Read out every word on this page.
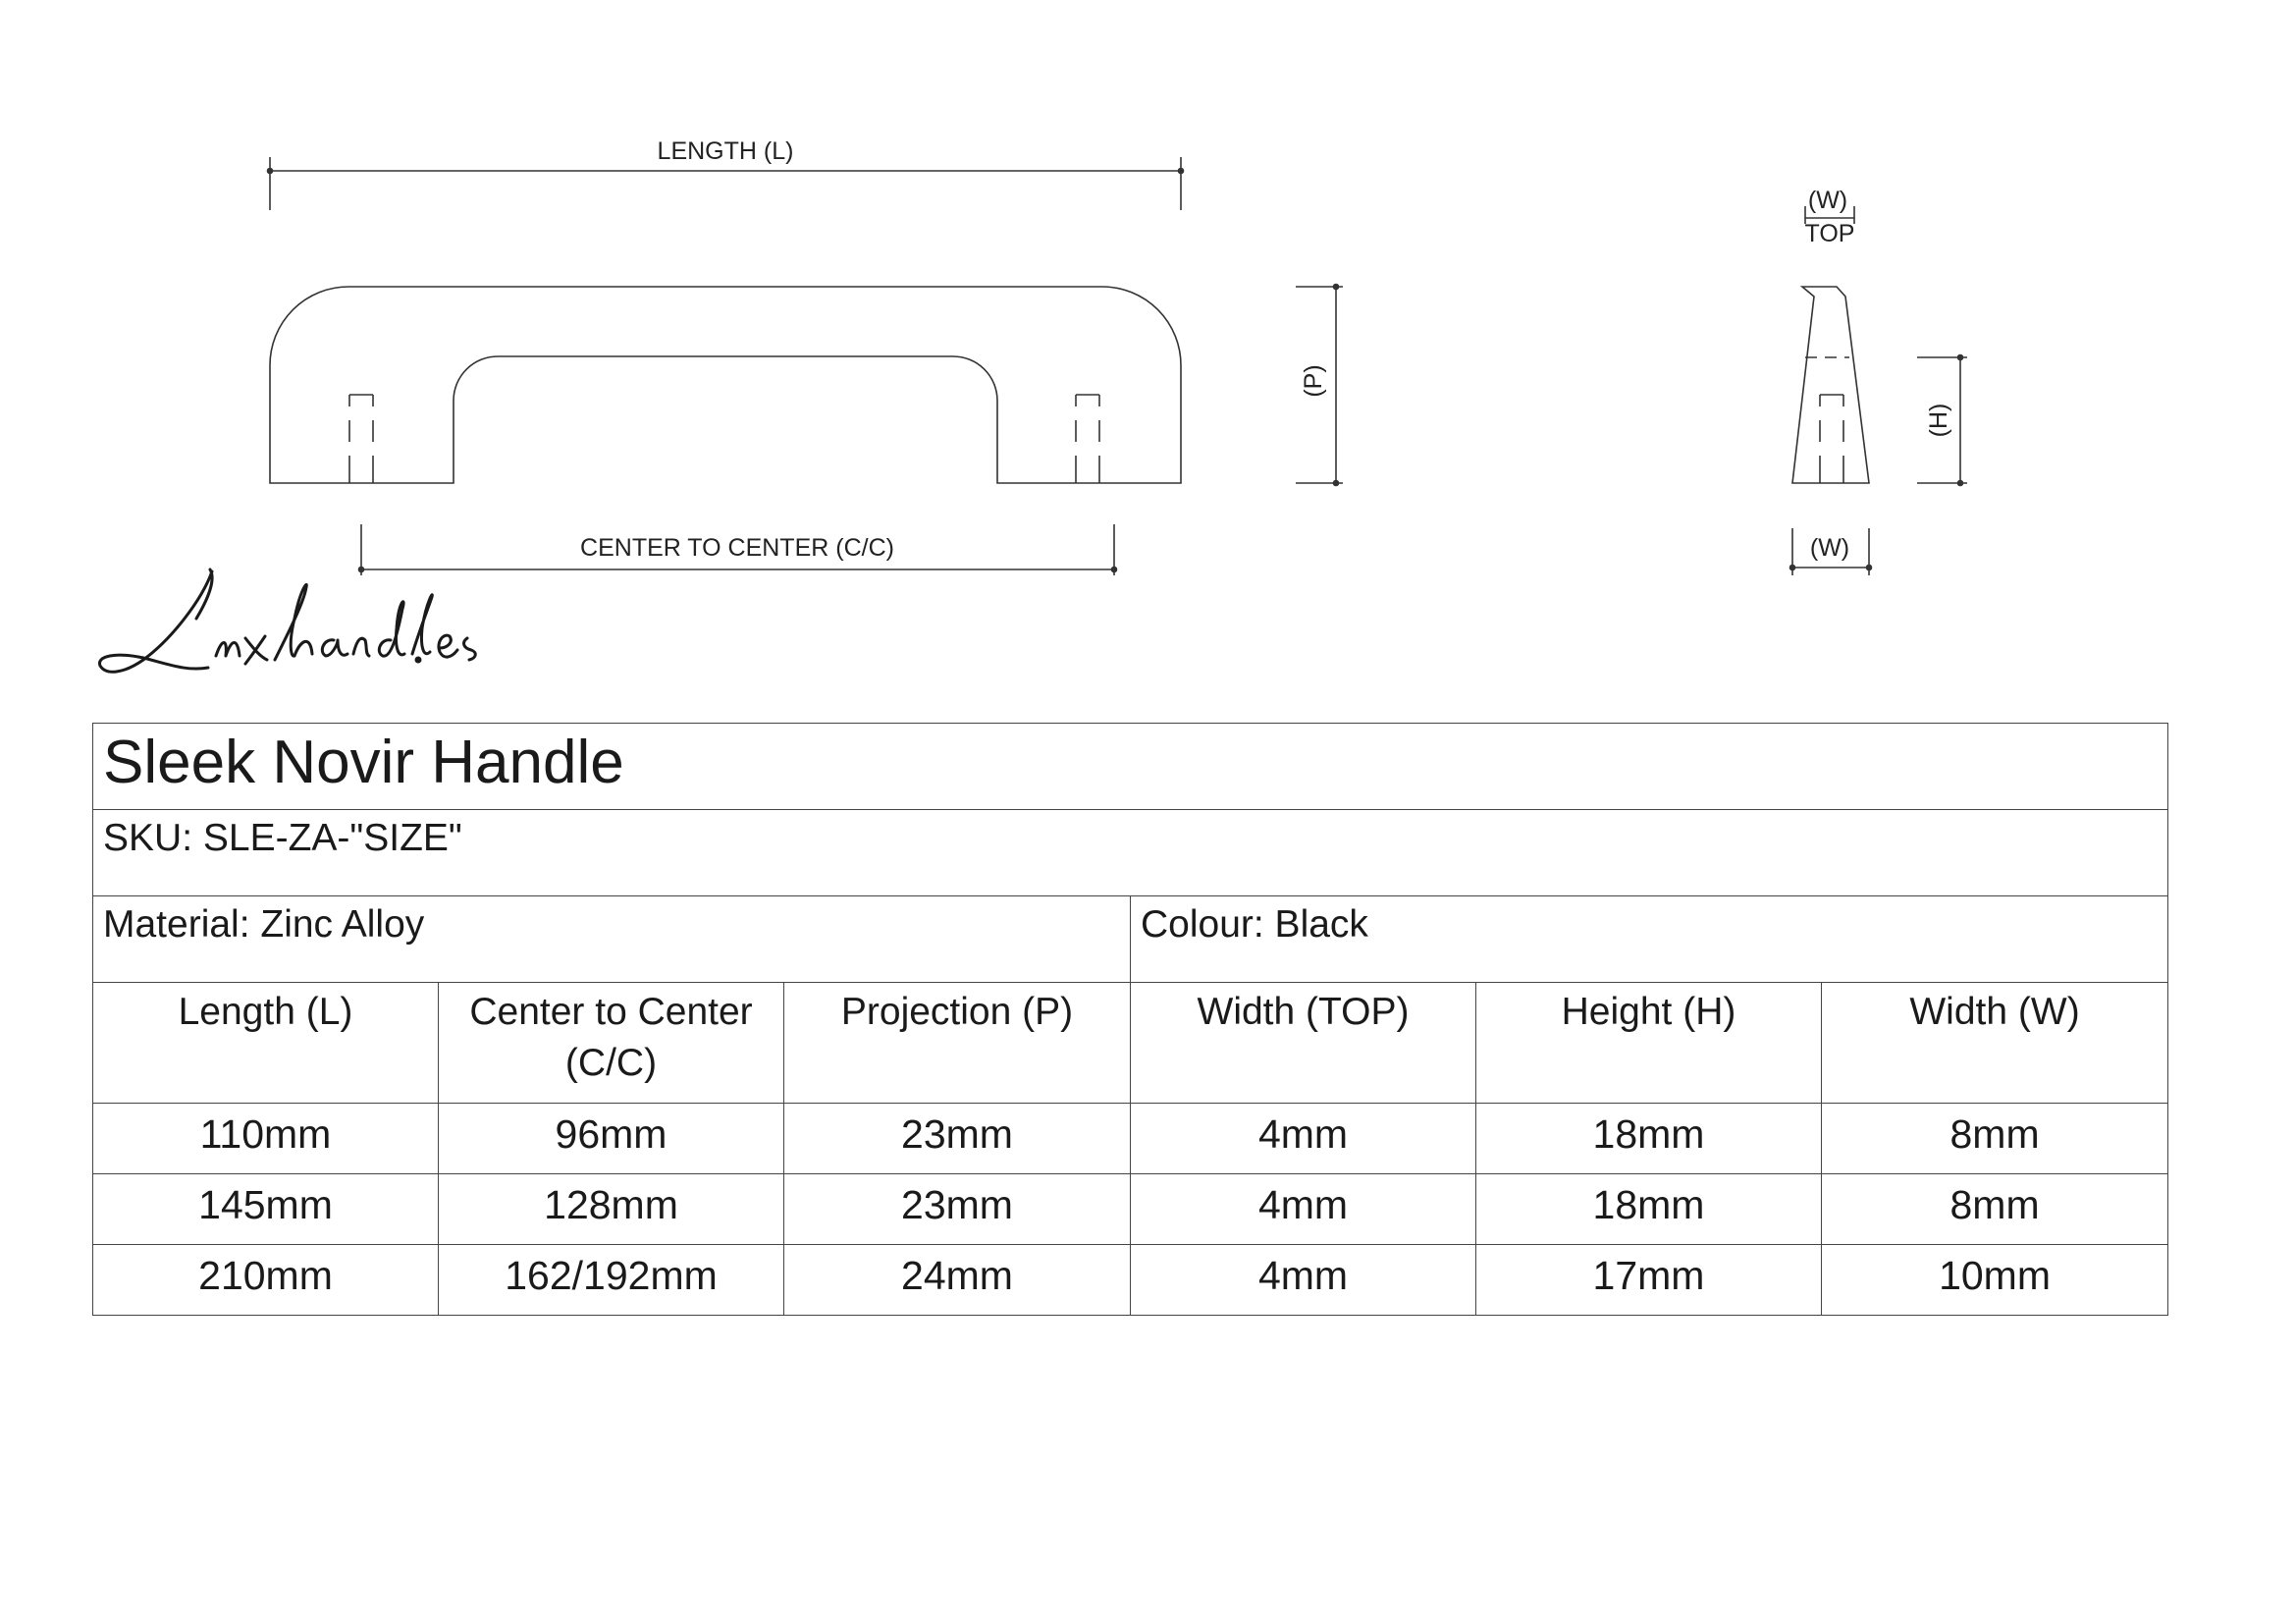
LENGTH (L)
CENTER TO CENTER (C/C)
(P)
(W)
TOP
(H)
(W)
Sleek Novir Handle					
SKU: SLE-ZA-"SIZE"					
Material: Zinc Alloy			Colour: Black		
Length (L)	Center to Center (C/C)	Projection (P)	Width (TOP)	Height (H)	Width (W)
110mm	96mm	23mm	4mm	18mm	8mm
145mm	128mm	23mm	4mm	18mm	8mm
210mm	162/192mm	24mm	4mm	17mm	10mm
